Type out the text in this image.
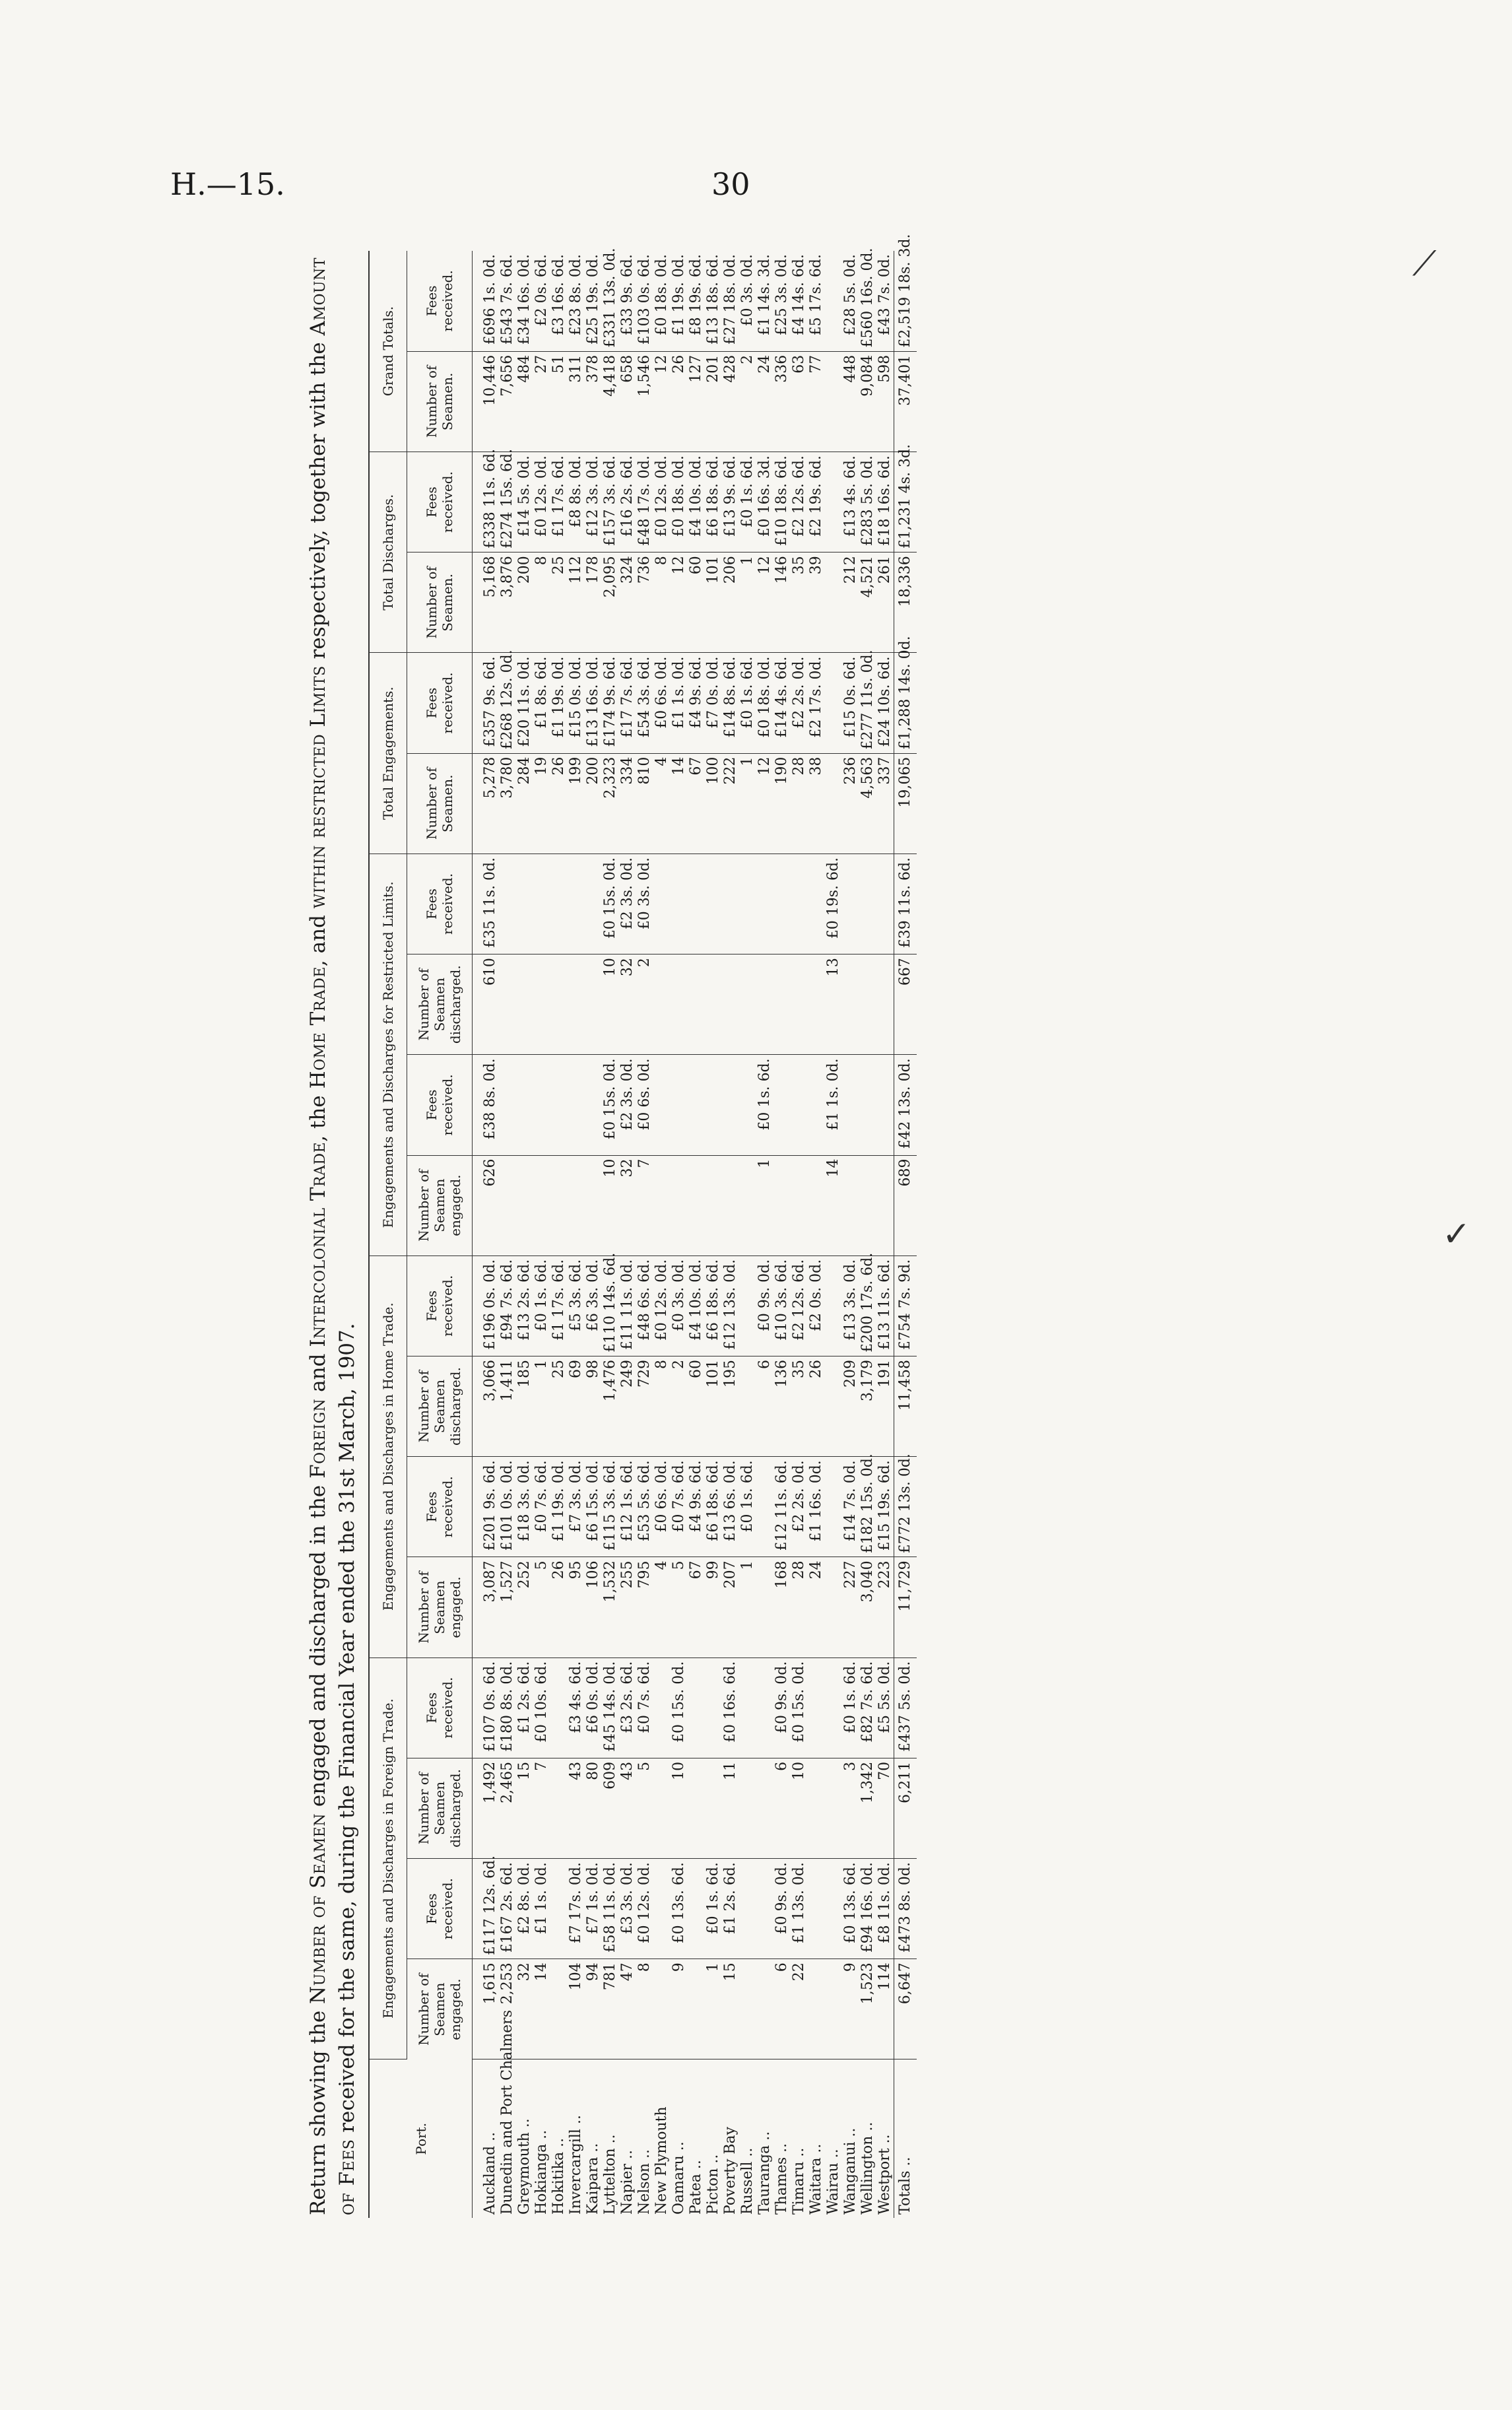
H.—15.	30
⟋
✓
Return showing the Number of Seamen engaged and discharged in the Foreign and Intercolonial Trade, the Home Trade, and within restricted Limits respectively, together with the Amount of Fees received for the same, during the Financial Year ended the 31st March, 1907.	Port.	Engagements and Discharges in Foreign Trade.				Engagements and Discharges in Home Trade.				Engagements and Discharges for Restricted Limits.				Total Engagements.		Total Discharges.		Grand Totals.	
	Number of Seamen engaged.	Fees received.	Number of Seamen discharged.	Fees received.	Number of Seamen engaged.	Fees received.	Number of Seamen discharged.	Fees received.	Number of Seamen engaged.	Fees received.	Number of Seamen discharged.	Fees received.	Number of Seamen.	Fees received.	Number of Seamen.	Fees received.	Number of Seamen.	Fees received.
Auckland ..	1,615	£117 12s. 6d.	1,492	£107 0s. 6d.	3,087	£201 9s. 6d.	3,066	£196 0s. 0d.	626	£38 8s. 0d.	610	£35 11s. 0d.	5,278	£357 9s. 6d.	5,168	£338 11s. 6d.	10,446	£696 1s. 0d.
Dunedin and Port Chalmers	2,253	£167 2s. 6d.	2,465	£180 8s. 0d.	1,527	£101 0s. 0d.	1,411	£94 7s. 6d.					3,780	£268 12s. 0d.	3,876	£274 15s. 6d.	7,656	£543 7s. 6d.
Greymouth ..	32	£2 8s. 0d.	15	£1 2s. 6d.	252	£18 3s. 0d.	185	£13 2s. 6d.					284	£20 11s. 0d.	200	£14 5s. 0d.	484	£34 16s. 0d.
Hokianga ..	14	£1 1s. 0d.	7	£0 10s. 6d.	5	£0 7s. 6d.	1	£0 1s. 6d.					19	£1 8s. 6d.	8	£0 12s. 0d.	27	£2 0s. 6d.
Hokitika ..					26	£1 19s. 0d.	25	£1 17s. 6d.					26	£1 19s. 0d.	25	£1 17s. 6d.	51	£3 16s. 6d.
Invercargill ..	104	£7 17s. 0d.	43	£3 4s. 6d.	95	£7 3s. 0d.	69	£5 3s. 6d.					199	£15 0s. 0d.	112	£8 8s. 0d.	311	£23 8s. 0d.
Kaipara ..	94	£7 1s. 0d.	80	£6 0s. 0d.	106	£6 15s. 0d.	98	£6 3s. 0d.					200	£13 16s. 0d.	178	£12 3s. 0d.	378	£25 19s. 0d.
Lyttelton ..	781	£58 11s. 0d.	609	£45 14s. 0d.	1,532	£115 3s. 6d.	1,476	£110 14s. 6d.	10	£0 15s. 0d.	10	£0 15s. 0d.	2,323	£174 9s. 6d.	2,095	£157 3s. 6d.	4,418	£331 13s. 0d.
Napier ..	47	£3 3s. 0d.	43	£3 2s. 6d.	255	£12 1s. 6d.	249	£11 11s. 0d.	32	£2 3s. 0d.	32	£2 3s. 0d.	334	£17 7s. 6d.	324	£16 2s. 6d.	658	£33 9s. 6d.
Nelson ..	8	£0 12s. 0d.	5	£0 7s. 6d.	795	£53 5s. 6d.	729	£48 6s. 6d.	7	£0 6s. 0d.	2	£0 3s. 0d.	810	£54 3s. 6d.	736	£48 17s. 0d.	1,546	£103 0s. 6d.
New Plymouth					4	£0 6s. 0d.	8	£0 12s. 0d.					4	£0 6s. 0d.	8	£0 12s. 0d.	12	£0 18s. 0d.
Oamaru ..	9	£0 13s. 6d.	10	£0 15s. 0d.	5	£0 7s. 6d.	2	£0 3s. 0d.					14	£1 1s. 0d.	12	£0 18s. 0d.	26	£1 19s. 0d.
Patea ..					67	£4 9s. 6d.	60	£4 10s. 0d.					67	£4 9s. 6d.	60	£4 10s. 0d.	127	£8 19s. 6d.
Picton ..	1	£0 1s. 6d.			99	£6 18s. 6d.	101	£6 18s. 6d.					100	£7 0s. 0d.	101	£6 18s. 6d.	201	£13 18s. 6d.
Poverty Bay	15	£1 2s. 6d.	11	£0 16s. 6d.	207	£13 6s. 0d.	195	£12 13s. 0d.					222	£14 8s. 6d.	206	£13 9s. 6d.	428	£27 18s. 0d.
Russell ..					1	£0 1s. 6d.							1	£0 1s. 6d.	1	£0 1s. 6d.	2	£0 3s. 0d.
Tauranga ..							6	£0 9s. 0d.	1	£0 1s. 6d.			12	£0 18s. 0d.	12	£0 16s. 3d.	24	£1 14s. 3d.
Thames ..	6	£0 9s. 0d.	6	£0 9s. 0d.	168	£12 11s. 6d.	136	£10 3s. 6d.					190	£14 4s. 6d.	146	£10 18s. 6d.	336	£25 3s. 0d.
Timaru ..	22	£1 13s. 0d.	10	£0 15s. 0d.	28	£2 2s. 0d.	35	£2 12s. 6d.					28	£2 2s. 0d.	35	£2 12s. 6d.	63	£4 14s. 6d.
Waitara ..					24	£1 16s. 0d.	26	£2 0s. 0d.					38	£2 17s. 0d.	39	£2 19s. 6d.	77	£5 17s. 6d.
Wairau ..									14	£1 1s. 0d.	13	£0 19s. 6d.						
Wanganui ..	9	£0 13s. 6d.	3	£0 1s. 6d.	227	£14 7s. 0d.	209	£13 3s. 0d.					236	£15 0s. 6d.	212	£13 4s. 6d.	448	£28 5s. 0d.
Wellington ..	1,523	£94 16s. 0d.	1,342	£82 7s. 6d.	3,040	£182 15s. 0d.	3,179	£200 17s. 6d.					4,563	£277 11s. 0d.	4,521	£283 5s. 0d.	9,084	£560 16s. 0d.
Westport ..	114	£8 11s. 0d.	70	£5 5s. 0d.	223	£15 19s. 6d.	191	£13 11s. 6d.					337	£24 10s. 6d.	261	£18 16s. 6d.	598	£43 7s. 0d.
Totals ..	6,647	£473 8s. 0d.	6,211	£437 5s. 0d.	11,729	£772 13s. 0d.	11,458	£754 7s. 9d.	689	£42 13s. 0d.	667	£39 11s. 6d.	19,065	£1,288 14s. 0d.	18,336	£1,231 4s. 3d.	37,401	£2,519 18s. 3d.
